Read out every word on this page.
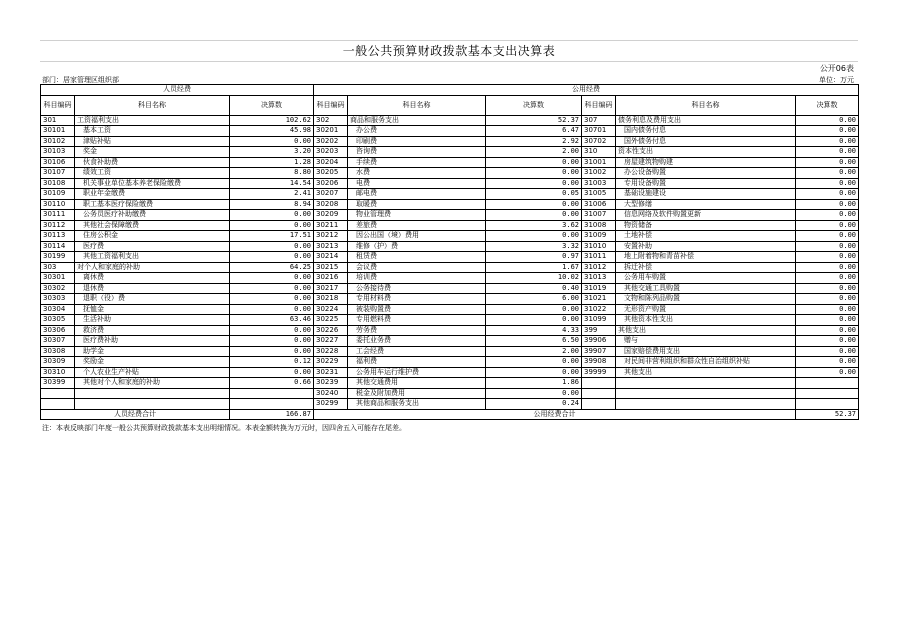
一般公共预算财政拨款基本支出决算表
公开06表
部门：居家管理区组织部	单位：万元
人员经费			公用经费					
科目编码	科目名称	决算数	科目编码	科目名称	决算数	科目编码	科目名称	决算数
301	工资福利支出	102.62	302	商品和服务支出	52.37	307	债务利息及费用支出	0.00
30101	基本工资	45.98	30201	办公费	6.47	30701	国内债务付息	0.00
30102	津贴补贴	0.00	30202	印刷费	2.92	30702	国外债务付息	0.00
30103	奖金	3.20	30203	咨询费	2.00	310	资本性支出	0.00
30106	伙食补助费	1.28	30204	手续费	0.00	31001	房屋建筑物购建	0.00
30107	绩效工资	8.80	30205	水费	0.00	31002	办公设备购置	0.00
30108	机关事业单位基本养老保险缴费	14.54	30206	电费	0.00	31003	专用设备购置	0.00
30109	职业年金缴费	2.41	30207	邮电费	0.05	31005	基础设施建设	0.00
30110	职工基本医疗保险缴费	8.94	30208	取暖费	0.00	31006	大型修缮	0.00
30111	公务员医疗补助缴费	0.00	30209	物业管理费	0.00	31007	信息网络及软件购置更新	0.00
30112	其他社会保障缴费	0.00	30211	差旅费	3.62	31008	物资储备	0.00
30113	住房公积金	17.51	30212	因公出国（境）费用	0.00	31009	土地补偿	0.00
30114	医疗费	0.00	30213	维修（护）费	3.32	31010	安置补助	0.00
30199	其他工资福利支出	0.00	30214	租赁费	0.97	31011	地上附着物和青苗补偿	0.00
303	对个人和家庭的补助	64.25	30215	会议费	1.67	31012	拆迁补偿	0.00
30301	离休费	0.00	30216	培训费	10.02	31013	公务用车购置	0.00
30302	退休费	0.00	30217	公务接待费	0.40	31019	其他交通工具购置	0.00
30303	退职（役）费	0.00	30218	专用材料费	6.00	31021	文物和陈列品购置	0.00
30304	抚恤金	0.00	30224	被装购置费	0.00	31022	无形资产购置	0.00
30305	生活补助	63.46	30225	专用燃料费	0.00	31099	其他资本性支出	0.00
30306	救济费	0.00	30226	劳务费	4.33	399	其他支出	0.00
30307	医疗费补助	0.00	30227	委托业务费	6.50	39906	赠与	0.00
30308	助学金	0.00	30228	工会经费	2.00	39907	国家赔偿费用支出	0.00
30309	奖励金	0.12	30229	福利费	0.00	39908	对民间非营利组织和群众性自治组织补贴	0.00
30310	个人农业生产补贴	0.00	30231	公务用车运行维护费	0.00	39999	其他支出	0.00
30399	其他对个人和家庭的补助	0.66	30239	其他交通费用	1.86			
			30240	税金及附加费用	0.00			
			30299	其他商品和服务支出	0.24			
人员经费合计		166.87	公用经费合计					52.37
注：本表反映部门年度一般公共预算财政拨款基本支出明细情况。本表金额转换为万元时，因四舍五入可能存在尾差。
